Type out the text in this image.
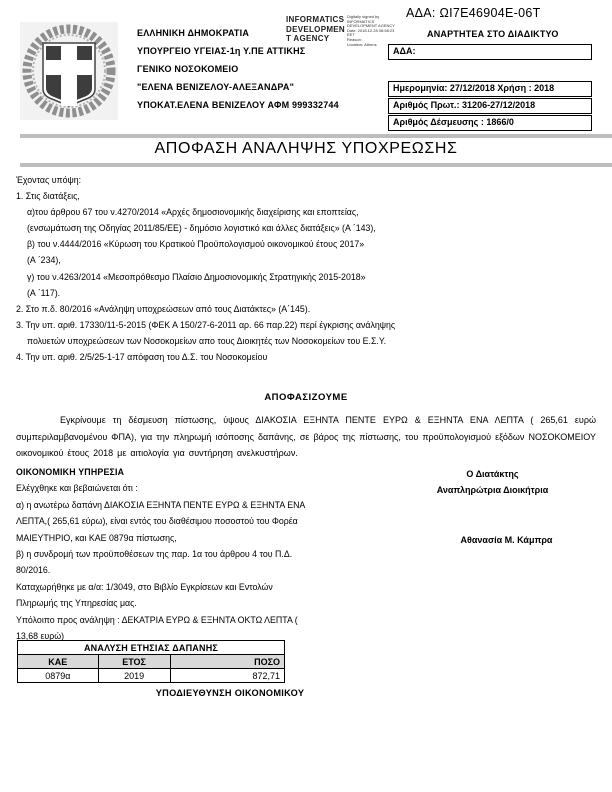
ΕΛΛΗΝΙΚΗ ΔΗΜΟΚΡΑΤΙΑ
ΥΠΟΥΡΓΕΙΟ ΥΓΕΙΑΣ-1η Υ.ΠΕ ΑΤΤΙΚΗΣ
ΓΕΝΙΚΟ ΝΟΣΟΚΟΜΕΙΟ
"ΕΛΕΝΑ ΒΕΝΙΖΕΛΟΥ-ΑΛΕΞΑΝΔΡΑ"
ΥΠΟΚΑΤ.ΕΛΕΝΑ ΒΕΝΙΖΕΛΟΥ ΑΦΜ 999332744
INFORMATICS
DEVELOPMEN
T AGENCY
Digitally signed by
INFORMATICS
DEVELOPMENT AGENCY
Date: 2018.12.28 08:58:23
EET
Reason:
Location: Athens
ΑΔΑ: ΩΙ7Ε46904Ε-06Τ
ΑΝΑΡΤΗΤΕΑ ΣΤΟ ΔΙΑΔΙΚΤΥΟ
ΑΔΑ:
Ημερομηνία: 27/12/2018 Χρήση : 2018
Αριθμός Πρωτ.: 31206-27/12/2018
Αριθμός Δέσμευσης : 1866/0
ΑΠΟΦΑΣΗ ΑΝΑΛΗΨΗΣ ΥΠΟΧΡΕΩΣΗΣ
Έχοντας υπόψη:
1. Στις διατάξεις,
α)του άρθρου 67 του ν.4270/2014 «Αρχές δημοσιονομικής διαχείρισης και εποπτείας,
(ενσωμάτωση της Οδηγίας 2011/85/ΕΕ) - δημόσιο λογιστικό και άλλες διατάξεις» (Α ΄143),
β) του ν.4444/2016 «Κύρωση του Κρατικού Προϋπολογισμού οικονομικού έτους 2017»
(Α ΄234),
γ) του ν.4263/2014 «Μεσοπρόθεσμο Πλαίσιο Δημοσιονομικής Στρατηγικής 2015-2018»
(Α ΄117).
2. Στο π.δ. 80/2016 «Ανάληψη υποχρεώσεων από τους Διατάκτες» (Α΄145).
3. Την υπ. αριθ. 17330/11-5-2015 (ΦΕΚ Α 150/27-6-2011 αρ. 66 παρ.22) περί έγκρισης ανάληψης
πολυετών υποχρεώσεων των Νοσοκομείων απο τους Διοικητές των Νοσοκομείων του Ε.Σ.Υ.
4. Την υπ. αριθ. 2/5/25-1-17 απόφαση του Δ.Σ. του Νοσοκομείου
ΑΠΟΦΑΣΙΖΟΥΜΕ
Εγκρίνουμε τη δέσμευση πίστωσης, ύψους ΔΙΑΚΟΣΙΑ ΕΞΗΝΤΑ ΠΕΝΤΕ ΕΥΡΩ & ΕΞΗΝΤΑ ΕΝΑ ΛΕΠΤΑ ( 265,61 ευρώ συμπεριλαμβανομένου ΦΠΑ), για την πληρωμή ισόποσης δαπάνης, σε βάρος της πίστωσης, του προϋπολογισμού εξόδων ΝΟΣΟΚΟΜΕΙΟΥ οικονομικού έτους 2018 με αιτιολογία για συντήρηση ανελκυστήρων.
ΟΙΚΟΝΟΜΙΚΗ ΥΠΗΡΕΣΙΑ
Ελέγχθηκε και βεβαιώνεται ότι :
α) η ανωτέρω δαπάνη ΔΙΑΚΟΣΙΑ ΕΞΗΝΤΑ ΠΕΝΤΕ ΕΥΡΩ & ΕΞΗΝΤΑ ΕΝΑ
ΛΕΠΤΑ,( 265,61 εύρω), είναι εντός του διαθέσιμου ποσοστού του Φορέα
ΜΑΙΕΥΤΗΡΙΟ, και ΚΑΕ 0879α πίστωσης,
β) η συνδρομή των προϋποθέσεων της παρ. 1α του άρθρου 4 του Π.Δ.
80/2016.
Καταχωρήθηκε με α/α: 1/3049, στο Βιβλίο Εγκρίσεων και Εντολών
Πληρωμής της Υπηρεσίας μας.
Υπόλοιπο προς ανάληψη : ΔΕΚΑΤΡΙΑ ΕΥΡΩ & ΕΞΗΝΤΑ ΟΚΤΩ ΛΕΠΤΑ (
13,68 ευρώ)
Ο Διατάκτης
Αναπληρώτρια Διοικήτρια
Αθανασία Μ. Κάμπρα
ΑΝΑΛΥΣΗ ΕΤΗΣΙΑΣ ΔΑΠΑΝΗΣ		
ΚΑΕ	ΕΤΟΣ	ΠΟΣΟ
0879α	2019	872,71
ΥΠΟΔΙΕΥΘΥΝΣΗ ΟΙΚΟΝΟΜΙΚΟΥ
